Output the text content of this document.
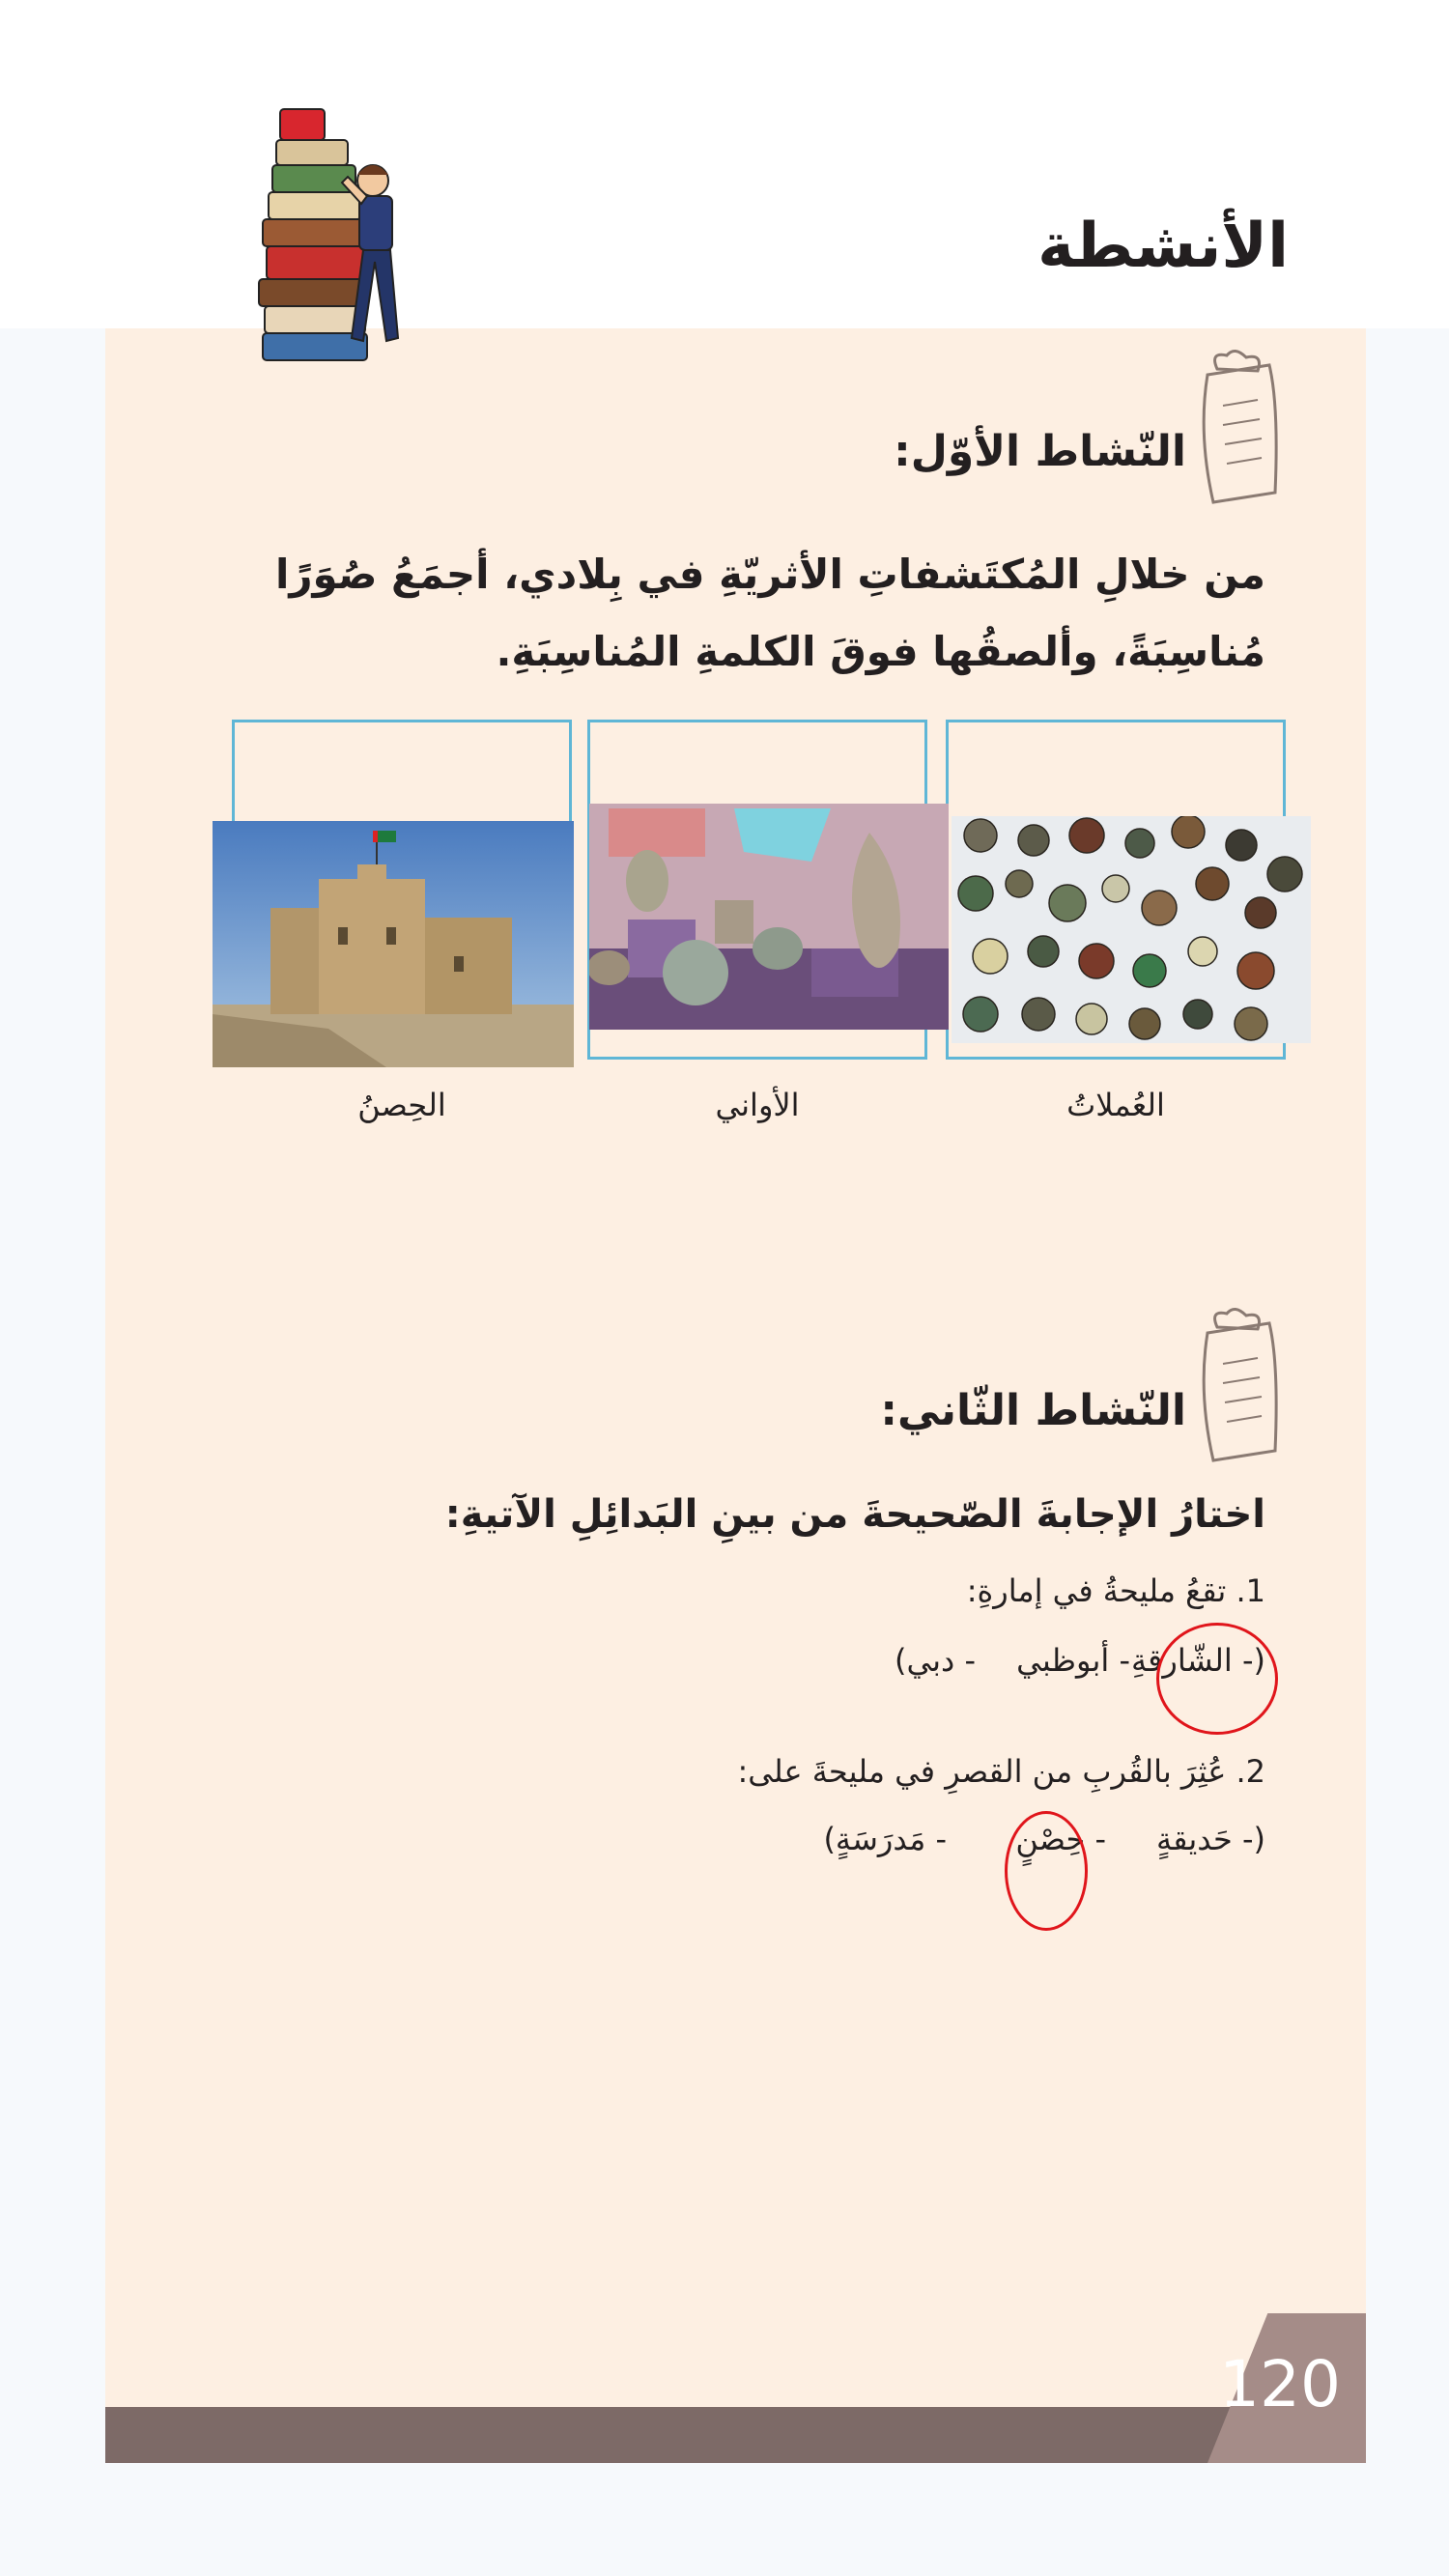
الأنشطة
النّشاط الأوّل:
من خلالِ المُكتَشفاتِ الأثريّةِ في بِلادي، أجمَعُ صُوَرًا مُناسِبَةً، وألصقُها فوقَ الكلمةِ المُناسِبَةِ.
العُملاتُ
الأواني
الحِصنُ
النّشاط الثّاني:
اختارُ الإجابةَ الصّحيحةَ من بينِ البَدائِلِ الآتيةِ:
1. تقعُ مليحةُ في إمارةِ:
(- الشّارقةِ
- أبوظبي
- دبي)
2. عُثِرَ بالقُربِ من القصرِ في مليحةَ على:
(- حَديقةٍ
- حِصْنٍ
- مَدرَسَةٍ)
120
